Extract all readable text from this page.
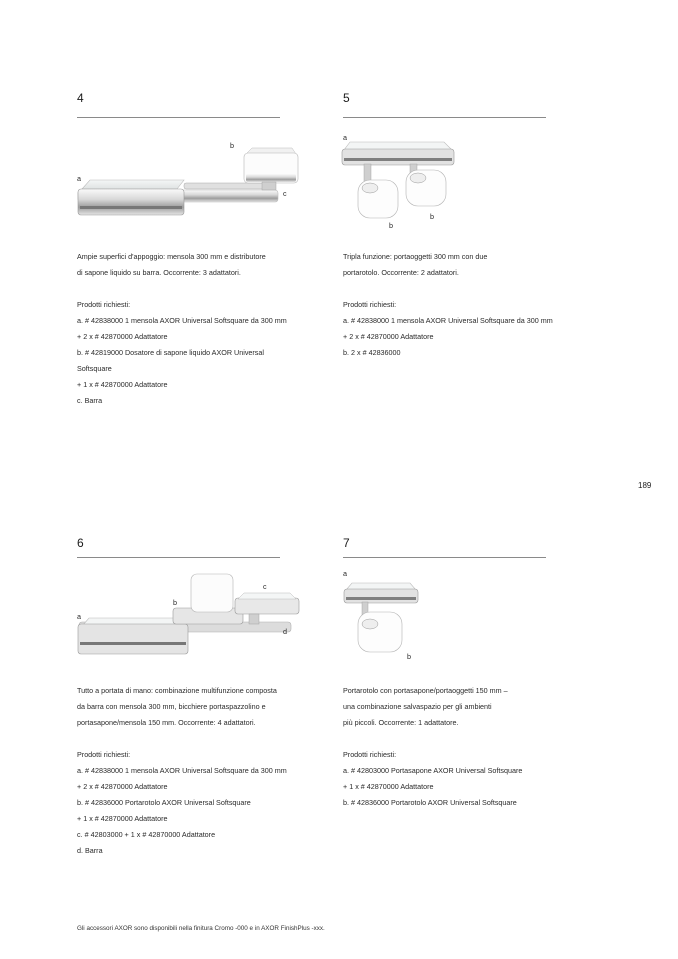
4
a
b
c
Ampie superfici d'appoggio: mensola 300 mm e distributore
di sapone liquido su barra. Occorrente: 3 adattatori.
Prodotti richiesti:
a. # 42838000 1 mensola AXOR Universal Softsquare da 300 mm
+ 2 x # 42870000 Adattatore
b. # 42819000 Dosatore di sapone liquido AXOR Universal
Softsquare
+ 1 x # 42870000 Adattatore
c. Barra
5
a
b
b
Tripla funzione: portaoggetti 300 mm con due
portarotolo. Occorrente: 2 adattatori.
Prodotti richiesti:
a. # 42838000 1 mensola AXOR Universal Softsquare da 300 mm
+ 2 x # 42870000 Adattatore
b. 2 x # 42836000
189
6
a
b
c
d
Tutto a portata di mano: combinazione multifunzione composta
da barra con mensola 300 mm, bicchiere portaspazzolino e
portasapone/mensola 150 mm. Occorrente: 4 adattatori.
Prodotti richiesti:
a. # 42838000 1 mensola AXOR Universal Softsquare da 300 mm
+ 2 x # 42870000 Adattatore
b. # 42836000 Portarotolo AXOR Universal Softsquare
+ 1 x # 42870000 Adattatore
c. # 42803000 + 1 x # 42870000 Adattatore
d. Barra
7
a
b
Portarotolo con portasapone/portaoggetti 150 mm –
una combinazione salvaspazio per gli ambienti
più piccoli. Occorrente: 1 adattatore.
Prodotti richiesti:
a. # 42803000 Portasapone AXOR Universal Softsquare
+ 1 x # 42870000 Adattatore
b. # 42836000 Portarotolo AXOR Universal Softsquare
Gli accessori AXOR sono disponibili nella finitura Cromo -000 e in AXOR FinishPlus -xxx.
